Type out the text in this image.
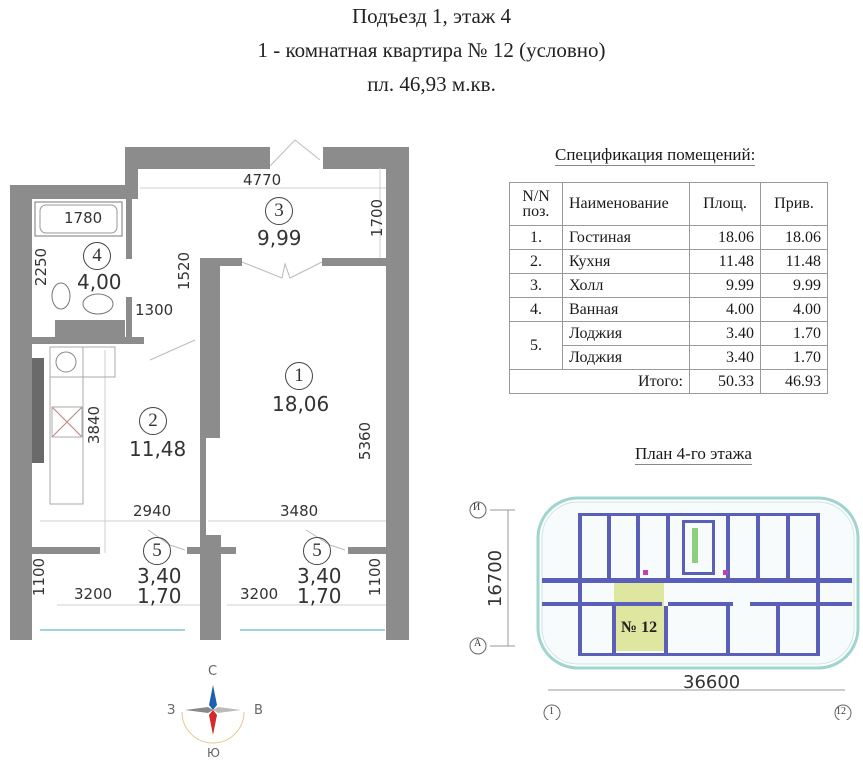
Подъезд 1, этаж 4
1 - комнатная квартира № 12 (условно)
пл. 46,93 м.кв.
4770
1700
1780
2250	1520
1300
3840	5360
2940	3480
3200	3200
1100	1100
3
9,99
4
4,00
1
18,06
2
11,48
5
3,40
1,70
5
3,40
1,70
С
Ю
З	В
Спецификация помещений:
N/N
поз.	Наименование	Площ.	Прив.
1.	Гостиная	18.06	18.06
2.	Кухня	11.48	11.48
3.	Холл	9.99	9.99
4.	Ванная	4.00	4.00
5.	Лоджия	3.40	1.70
	Лоджия	3.40	1.70
Итого:		50.33	46.93
План 4-го этажа
№ 12
36600
16700
И
А
1	12
